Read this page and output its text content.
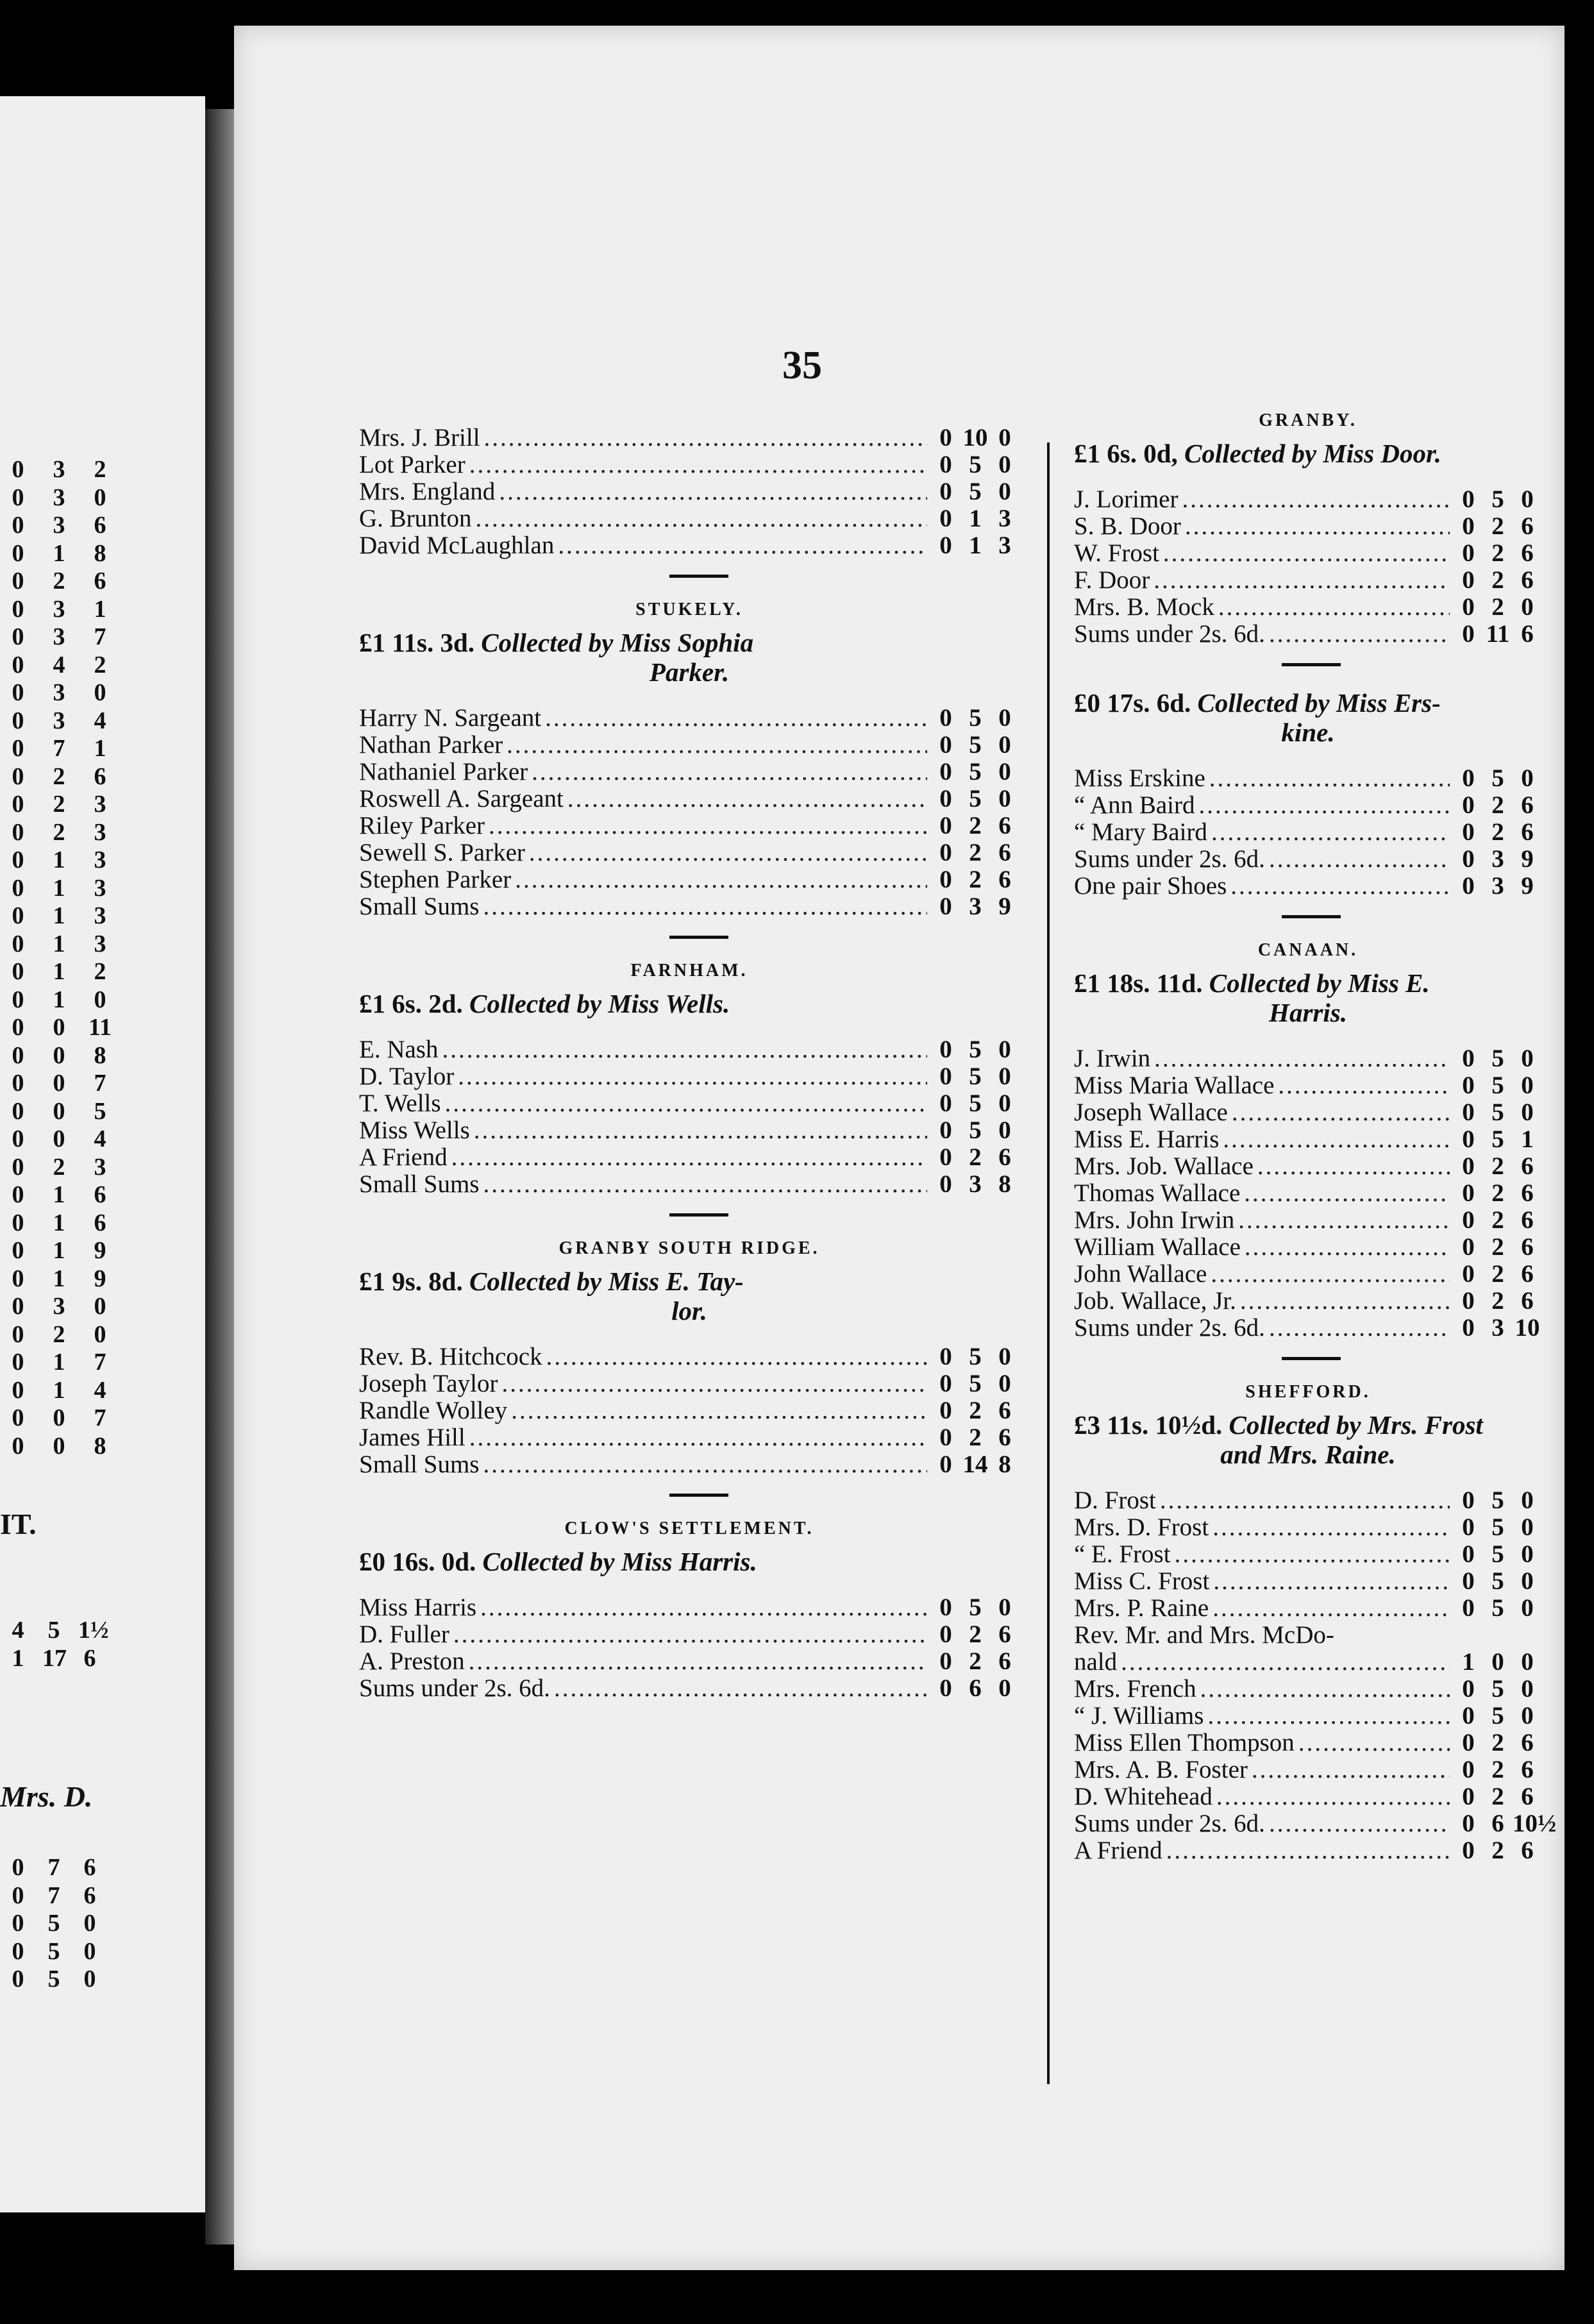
0 3 2
0 3 0
0 3 6
0 1 8
0 2 6
0 3 1
0 3 7
0 4 2
0 3 0
0 3 4
0 7 1
0 2 6
0 2 3
0 2 3
0 1 3
0 1 3
0 1 3
0 1 3
0 1 2
0 1 0
0 0 11
0 0 8
0 0 7
0 0 5
0 0 4
0 2 3
0 1 6
0 1 6
0 1 9
0 1 9
0 3 0
0 2 0
0 1 7
0 1 4
0 0 7
0 0 8
IT.
4 5 1½
1 17 6
Mrs. D.
0 7 6
0 7 6
0 5 0
0 5 0
0 5 0
35
Mrs. J. Brill .....	0 10 0
Lot Parker .....	0 5 0
Mrs. England .....	0 5 0
G. Brunton .....	0 1 3
David McLaughlan .....	0 1 3
STUKELY.
£1 11s. 3d. Collected by Miss Sophia
Parker.
Harry N. Sargeant .....	0 5 0
Nathan Parker .....	0 5 0
Nathaniel Parker .....	0 5 0
Roswell A. Sargeant .....	0 5 0
Riley Parker .....	0 2 6
Sewell S. Parker .....	0 2 6
Stephen Parker .....	0 2 6
Small Sums .....	0 3 9
FARNHAM.
£1 6s. 2d. Collected by Miss Wells.
E. Nash .....	0 5 0
D. Taylor .....	0 5 0
T. Wells .....	0 5 0
Miss Wells .....	0 5 0
A Friend .....	0 2 6
Small Sums .....	0 3 8
GRANBY SOUTH RIDGE.
£1 9s. 8d. Collected by Miss E. Tay-
lor.
Rev. B. Hitchcock .....	0 5 0
Joseph Taylor .....	0 5 0
Randle Wolley .....	0 2 6
James Hill .....	0 2 6
Small Sums .....	0 14 8
CLOW'S SETTLEMENT.
£0 16s. 0d. Collected by Miss Harris.
Miss Harris .....	0 5 0
D. Fuller .....	0 2 6
A. Preston .....	0 2 6
Sums under 2s. 6d. .....	0 6 0
GRANBY.
£1 6s. 0d, Collected by Miss Door.
J. Lorimer .....	0 5 0
S. B. Door .....	0 2 6
W. Frost .....	0 2 6
F. Door .....	0 2 6
Mrs. B. Mock .....	0 2 0
Sums under 2s. 6d. .....	0 11 6
£0 17s. 6d. Collected by Miss Ers-
kine.
Miss Erskine .....	0 5 0
“ Ann Baird .....	0 2 6
“ Mary Baird .....	0 2 6
Sums under 2s. 6d. .....	0 3 9
One pair Shoes .....	0 3 9
CANAAN.
£1 18s. 11d. Collected by Miss E.
Harris.
J. Irwin .....	0 5 0
Miss Maria Wallace .....	0 5 0
Joseph Wallace .....	0 5 0
Miss E. Harris .....	0 5 1
Mrs. Job. Wallace .....	0 2 6
Thomas Wallace .....	0 2 6
Mrs. John Irwin .....	0 2 6
William Wallace .....	0 2 6
John Wallace .....	0 2 6
Job. Wallace, Jr. .....	0 2 6
Sums under 2s. 6d. .....	0 3 10
SHEFFORD.
£3 11s. 10½d. Collected by Mrs. Frost
and Mrs. Raine.
D. Frost .....	0 5 0
Mrs. D. Frost .....	0 5 0
“ E. Frost .....	0 5 0
Miss C. Frost .....	0 5 0
Mrs. P. Raine .....	0 5 0
Rev. Mr. and Mrs. McDo-
nald .....	1 0 0
Mrs. French .....	0 5 0
“ J. Williams .....	0 5 0
Miss Ellen Thompson .....	0 2 6
Mrs. A. B. Foster .....	0 2 6
D. Whitehead .....	0 2 6
Sums under 2s. 6d. .....	0 6 10½
A Friend .....	0 2 6
